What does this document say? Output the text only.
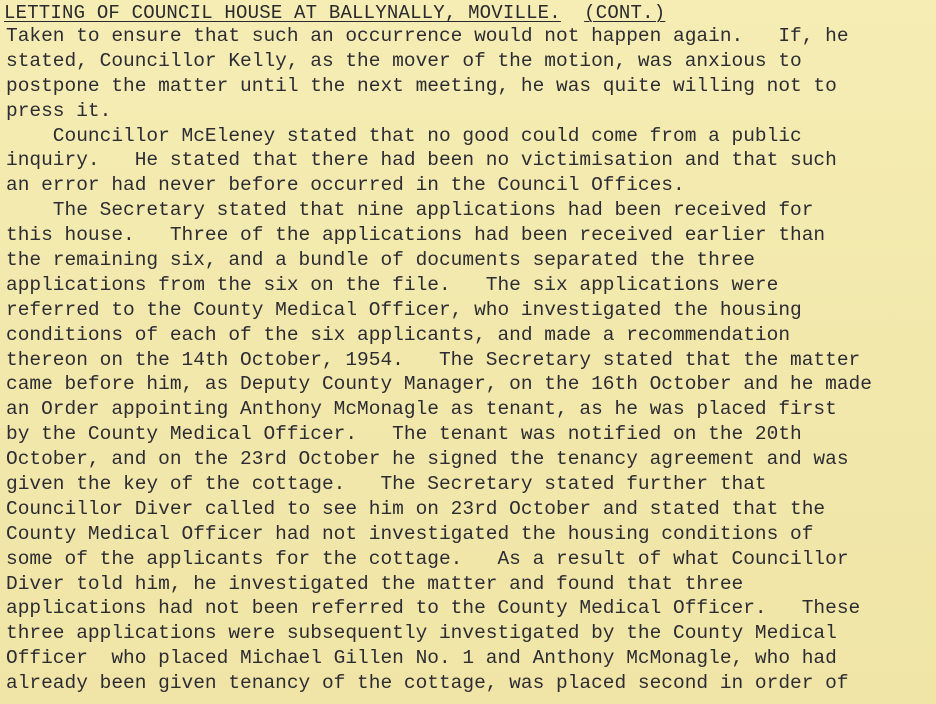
LETTING OF COUNCIL HOUSE AT BALLYNALLY, MOVILLE. (CONT.)
Taken to ensure that such an occurrence would not happen again.   If, he
stated, Councillor Kelly, as the mover of the motion, was anxious to
postpone the matter until the next meeting, he was quite willing not to
press it.
Councillor McEleney stated that no good could come from a public
inquiry.   He stated that there had been no victimisation and that such
an error had never before occurred in the Council Offices.
The Secretary stated that nine applications had been received for
this house.   Three of the applications had been received earlier than
the remaining six, and a bundle of documents separated the three
applications from the six on the file.   The six applications were
referred to the County Medical Officer, who investigated the housing
conditions of each of the six applicants, and made a recommendation
thereon on the 14th October, 1954.   The Secretary stated that the matter
came before him, as Deputy County Manager, on the 16th October and he made
an Order appointing Anthony McMonagle as tenant, as he was placed first
by the County Medical Officer.   The tenant was notified on the 20th
October, and on the 23rd October he signed the tenancy agreement and was
given the key of the cottage.   The Secretary stated further that
Councillor Diver called to see him on 23rd October and stated that the
County Medical Officer had not investigated the housing conditions of
some of the applicants for the cottage.   As a result of what Councillor
Diver told him, he investigated the matter and found that three
applications had not been referred to the County Medical Officer.   These
three applications were subsequently investigated by the County Medical
Officer  who placed Michael Gillen No. 1 and Anthony McMonagle, who had
already been given tenancy of the cottage, was placed second in order of
